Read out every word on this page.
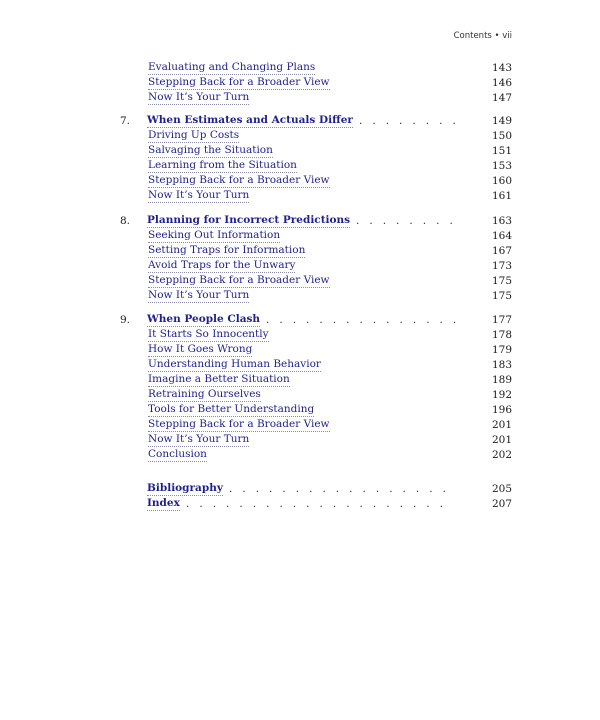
Contents • vii
Evaluating and Changing Plans	143
Stepping Back for a Broader View	146
Now It’s Your Turn	147
7. When Estimates and Actuals Differ	149
.   .   .   .   .   .   .   .
Driving Up Costs	150
Salvaging the Situation	151
Learning from the Situation	153
Stepping Back for a Broader View	160
Now It’s Your Turn	161
8. Planning for Incorrect Predictions	163
.   .   .   .   .   .   .   .
Seeking Out Information	164
Setting Traps for Information	167
Avoid Traps for the Unwary	173
Stepping Back for a Broader View	175
Now It’s Your Turn	175
9. When People Clash	177
.   .   .   .   .   .   .   .   .   .   .   .   .   .   .
It Starts So Innocently	178
How It Goes Wrong	179
Understanding Human Behavior	183
Imagine a Better Situation	189
Retraining Ourselves	192
Tools for Better Understanding	196
Stepping Back for a Broader View	201
Now It’s Your Turn	201
Conclusion	202
Bibliography	205
.   .   .   .   .   .   .   .   .   .   .   .   .   .   .   .   .
Index	207
.   .   .   .   .   .   .   .   .   .   .   .   .   .   .   .   .   .   .   .
